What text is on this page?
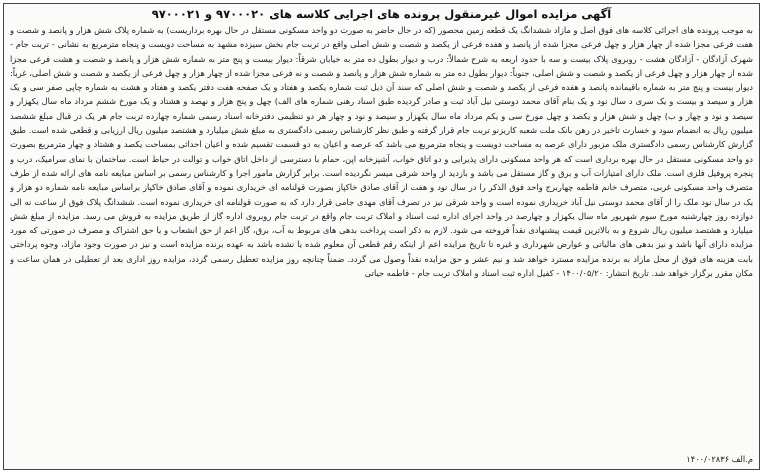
آگهی مزایده اموال غیرمنقول پرونده های اجرایی کلاسه های ۹۷۰۰۰۲۰ و ۹۷۰۰۰۲۱
به موجب پرونده های اجرائی کلاسه های فوق اصل و مازاد ششدانگ یک قطعه زمین محصور (که در حال حاضر به صورت دو واحد مسکونی مستقل در حال بهره برداریست) به شماره پلاک شش هزار و پانصد و شصت و هفت فرعی مجزا شده از چهار هزار و چهل فرعی مجزا شده از پانصد و هفده فرعی از یکصد و شصت و شش اصلی واقع در تربت جام بخش سیزده مشهد به مساحت دویست و پنجاه مترمربع به نشانی - تربت جام - شهرک آزادگان - آزادگان هشت - روبروی پلاک بیست و سه با حدود اربعه به شرح شمالاً: درب و دیوار بطول ده متر به خیابان شرقاً: دیوار بیست و پنج متر به شماره شش هزار و پانصد و شصت و هشت فرعی مجزا شده از چهار هزار و چهل فرعی از یکصد و شصت و شش اصلی، جنوباً: دیوار بطول ده متر به شماره شش هزار و پانصد و شصت و نه فرعی مجزا شده از چهار هزار و چهل فرعی از یکصد و شصت و شش اصلی، غرباً: دیوار بیست و پنج متر به شماره باقیمانده پانصد و هفده فرعی از یکصد و شصت و شش اصلی که سند آن ذیل ثبت شماره یکصد و هفتاد و یک صفحه هفت دفتر یکصد و هفتاد و هشت به شماره چاپی صفر سی و یک هزار و سیصد و بیست و یک سری د سال نود و یک بنام آقای محمد دوستی نیل آباد ثبت و صادر گردیده طبق اسناد رهنی شماره های الف) چهل و پنج هزار و نهصد و هشتاد و یک مورخ ششم مرداد ماه سال یکهزار و سیصد و نود و چهار و ب) چهل و شش هزار و یکصد و چهل مورخ سی و یکم مرداد ماه سال یکهزار و سیصد و نود و چهار هر دو تنظیمی دفترخانه اسناد رسمی شماره چهارده تربت جام هر یک در قبال مبلغ ششصد میلیون ریال به انضمام سود و خسارت تاخیر در رهن بانک ملت شعبه کاریزنو تربت جام قرار گرفته و طبق نظر کارشناس رسمی دادگستری به مبلغ شش میلیارد و هشتصد میلیون ریال ارزیابی و قطعی شده است. طبق گزارش کارشناس رسمی دادگستری ملک مزبور دارای عرصه به مساحت دویست و پنجاه مترمربع می باشد که عرصه و اعیان به دو قسمت تقسیم شده و اعیان احداثی بمساحت یکصد و هشتاد و چهار مترمربع بصورت دو واحد مسکونی مستقل در حال بهره برداری است که هر واحد مسکونی دارای پذیرایی و دو اتاق خواب، آشپزخانه اپن، حمام با دسترسی از داخل اتاق خواب و توالت در حیاط است. ساختمان با نمای سرامیک، درب و پنجره پروفیل فلزی است. ملک دارای امتیازات آب و برق و گاز مستقل می باشد و بازدید از واحد شرقی میسر نگردیده است. برابر گزارش مامور اجرا و کارشناس رسمی بر اساس مبایعه نامه های ارائه شده از طرف متصرف واحد مسکونی غربی، متصرف خانم فاطمه چهاربرج واحد فوق الذکر را در سال نود و هفت از آقای صادق خاکپاز بصورت قولنامه ای خریداری نموده و آقای صادق خاکپاز براساس مبایعه نامه شماره دو هزار و یک در سال نود ملک را از آقای محمد دوستی نیل آباد خریداری نموده است و واحد شرقی نیز در تصرف آقای مهدی جامی قرار دارد که به صورت قولنامه ای خریداری نموده است. ششدانگ پلاک فوق از ساعت نه الی دوازده روز چهارشنبه مورخ سوم شهریور ماه سال یکهزار و چهارصد در واحد اجرای اداره ثبت اسناد و املاک تربت جام واقع در تربت جام روبروی اداره گاز از طریق مزایده به فروش می رسد. مزایده از مبلغ شش میلیارد و هشتصد میلیون ریال شروع و به بالاترین قیمت پیشنهادی نقداً فروخته می شود. لازم به ذکر است پرداخت بدهی های مربوط به آب، برق، گاز اعم از حق انشعاب و یا حق اشتراک و مصرف در صورتی که مورد مزایده دارای آنها باشد و نیز بدهی های مالیاتی و عوارض شهرداری و غیره تا تاریخ مزایده اعم از اینکه رقم قطعی آن معلوم شده یا نشده باشد به عهده برنده مزایده است و نیز در صورت وجود مازاد، وجوه پرداختی بابت هزینه های فوق از محل مازاد به برنده مزایده مسترد خواهد شد و نیم عشر و حق مزایده نقداً وصول می گردد. ضمناً چنانچه روز مزایده تعطیل رسمی گردد، مزایده روز اداری بعد از تعطیلی در همان ساعت و مکان مقرر برگزار خواهد شد. تاریخ انتشار: ۱۴۰۰/۰۵/۲۰ - کفیل اداره ثبت اسناد و املاک تربت جام - فاطمه حیاتی
م.الف ۱۴۰۰/۰۲۸۳۶
